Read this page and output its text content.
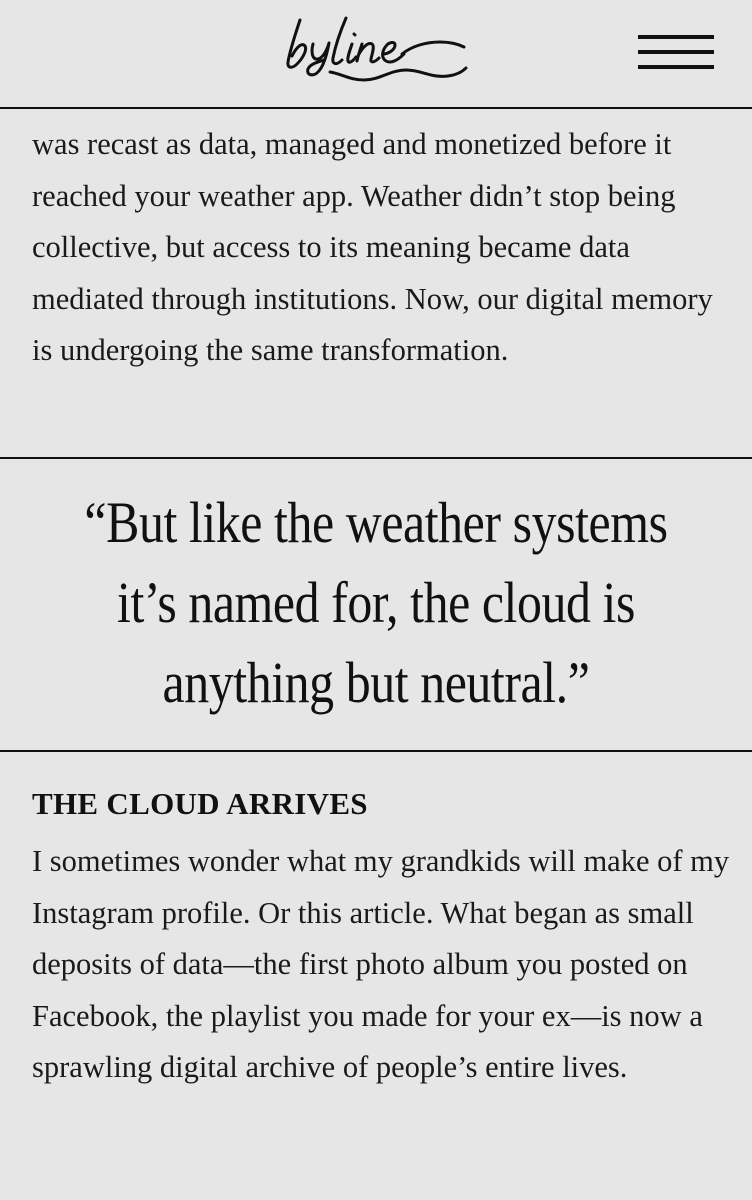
was recast as data, managed and monetized before it reached your weather app. Weather didn’t stop being collective, but access to its meaning became data mediated through institutions. Now, our digital memory is undergoing the same transformation.

“But like the weather systems it’s named for, the cloud is anything but neutral.”
THE CLOUD ARRIVES

I sometimes wonder what my grandkids will make of my Instagram profile. Or this article. What began as small deposits of data—the first photo album you posted on Facebook, the playlist you made for your ex—is now a sprawling digital archive of people’s entire lives.
